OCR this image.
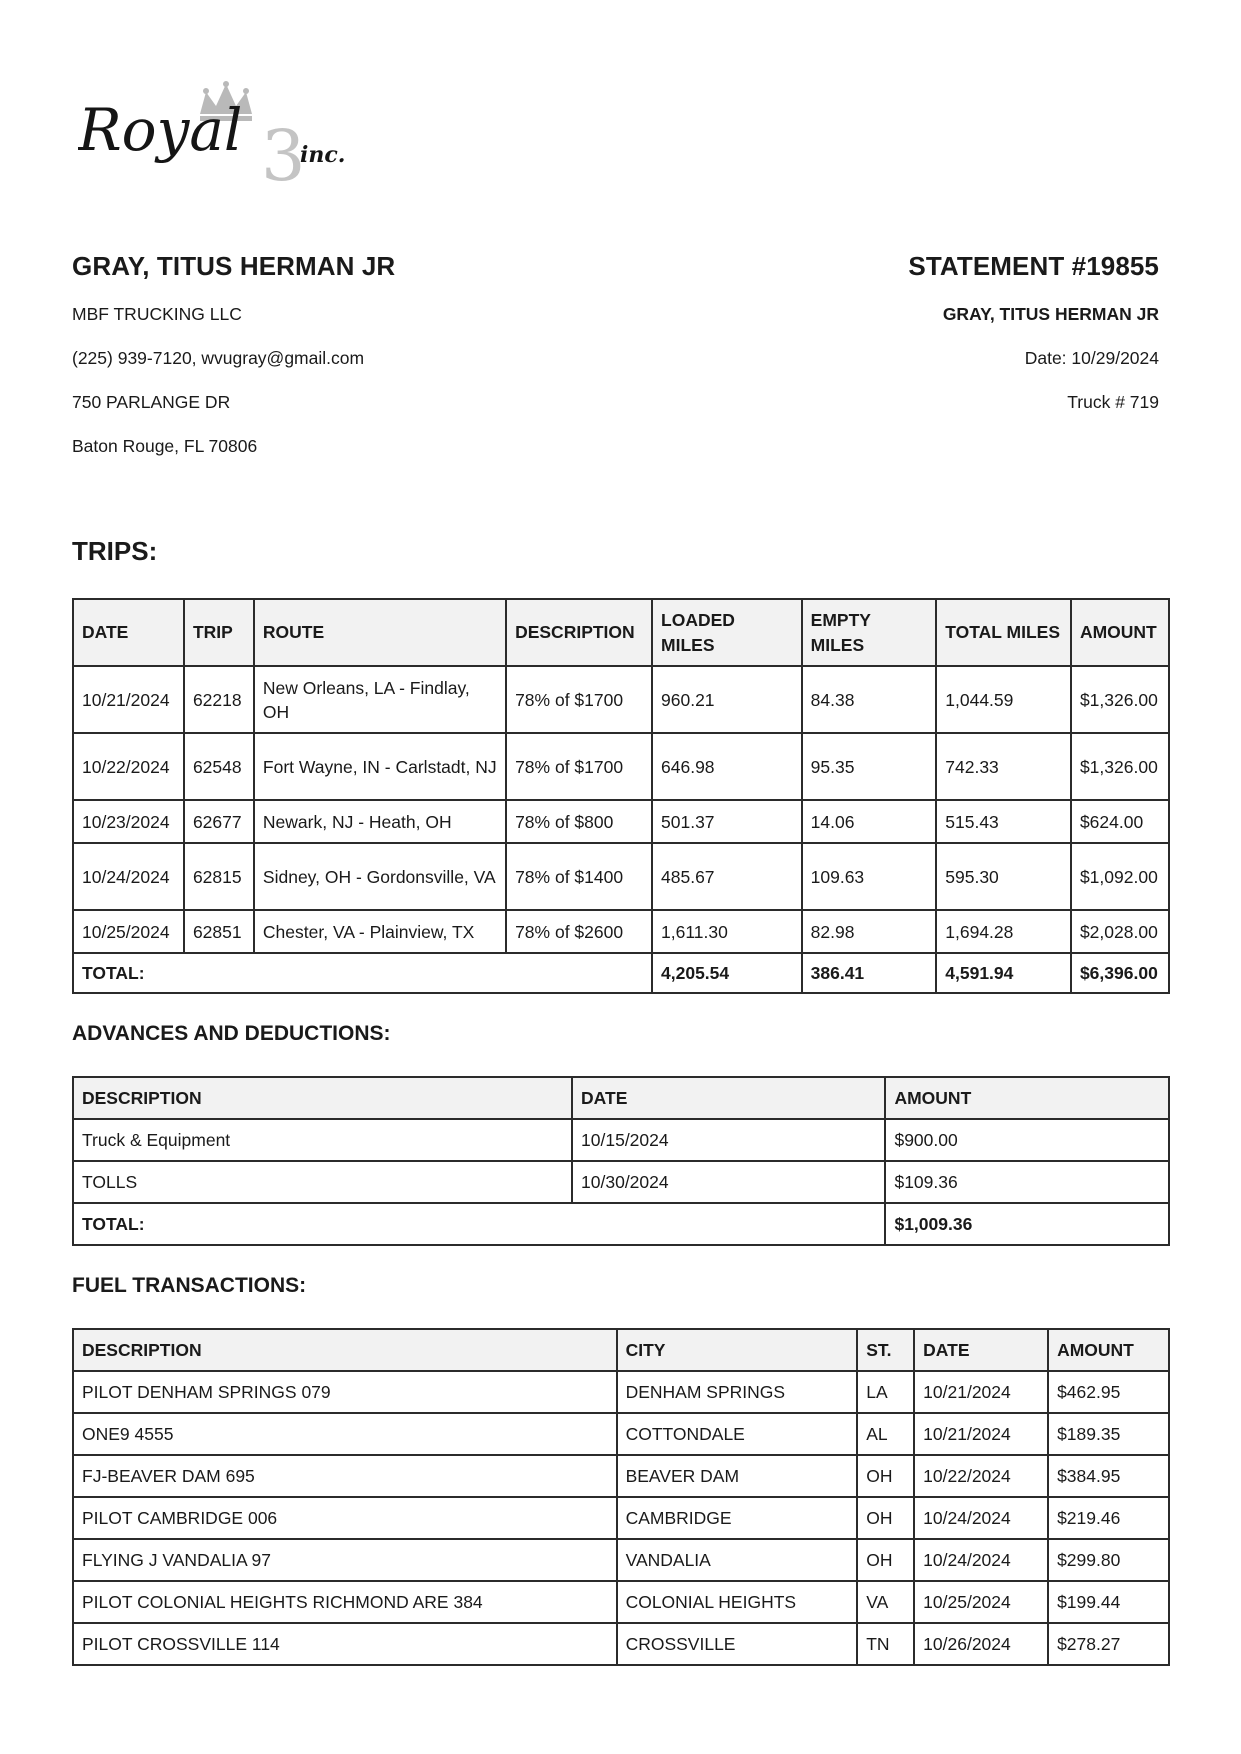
Royal 3
inc.
GRAY, TITUS HERMAN JR
MBF TRUCKING LLC
(225) 939-7120, wvugray@gmail.com
750 PARLANGE DR
Baton Rouge, FL 70806
STATEMENT #19855
GRAY, TITUS HERMAN JR
Date: 10/29/2024
Truck # 719
TRIPS:
DATE	TRIP	ROUTE	DESCRIPTION	LOADED MILES	EMPTY MILES	TOTAL MILES	AMOUNT
10/21/2024	62218	New Orleans, LA - Findlay, OH	78% of $1700	960.21	84.38	1,044.59	$1,326.00
10/22/2024	62548	Fort Wayne, IN - Carlstadt, NJ	78% of $1700	646.98	95.35	742.33	$1,326.00
10/23/2024	62677	Newark, NJ - Heath, OH	78% of $800	501.37	14.06	515.43	$624.00
10/24/2024	62815	Sidney, OH - Gordonsville, VA	78% of $1400	485.67	109.63	595.30	$1,092.00
10/25/2024	62851	Chester, VA - Plainview, TX	78% of $2600	1,611.30	82.98	1,694.28	$2,028.00
TOTAL:				4,205.54	386.41	4,591.94	$6,396.00
ADVANCES AND DEDUCTIONS:
DESCRIPTION	DATE	AMOUNT
Truck & Equipment	10/15/2024	$900.00
TOLLS	10/30/2024	$109.36
TOTAL:		$1,009.36
FUEL TRANSACTIONS:
DESCRIPTION	CITY	ST.	DATE	AMOUNT
PILOT DENHAM SPRINGS 079	DENHAM SPRINGS	LA	10/21/2024	$462.95
ONE9 4555	COTTONDALE	AL	10/21/2024	$189.35
FJ-BEAVER DAM 695	BEAVER DAM	OH	10/22/2024	$384.95
PILOT CAMBRIDGE 006	CAMBRIDGE	OH	10/24/2024	$219.46
FLYING J VANDALIA 97	VANDALIA	OH	10/24/2024	$299.80
PILOT COLONIAL HEIGHTS RICHMOND ARE 384	COLONIAL HEIGHTS	VA	10/25/2024	$199.44
PILOT CROSSVILLE 114	CROSSVILLE	TN	10/26/2024	$278.27
